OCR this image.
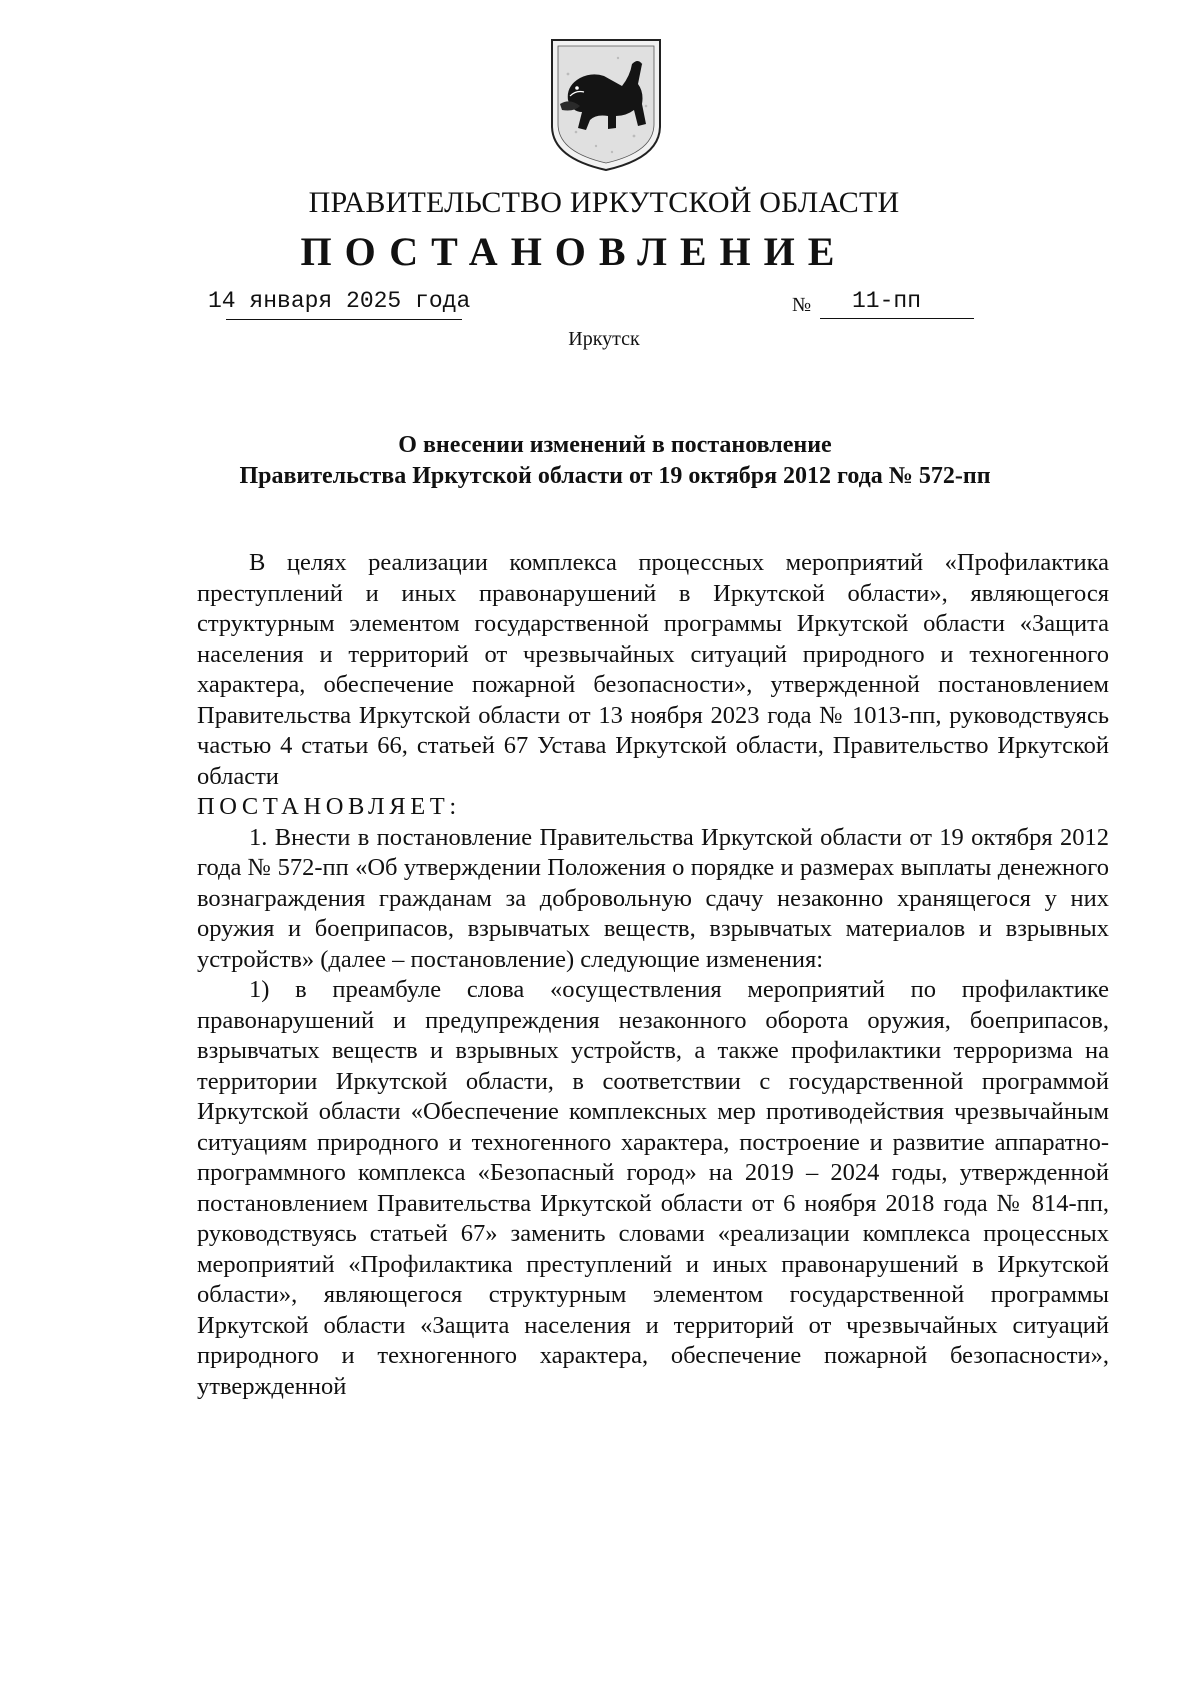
ПРАВИТЕЛЬСТВО ИРКУТСКОЙ ОБЛАСТИ
ПОСТАНОВЛЕНИЕ
14 января 2025 года	№	11-пп
Иркутск
О внесении изменений в постановление
Правительства Иркутской области от 19 октября 2012 года № 572-пп

В целях реализации комплекса процессных мероприятий «Профилактика преступлений и иных правонарушений в Иркутской области», являющегося структурным элементом государственной программы Иркутской области «Защита населения и территорий от чрезвычайных ситуаций природного и техногенного характера, обеспечение пожарной безопасности», утвержденной постановлением Правительства Иркутской области от 13 ноября 2023 года № 1013-пп, руководствуясь частью 4 статьи 66, статьей 67 Устава Иркутской области, Правительство Иркутской области

ПОСТАНОВЛЯЕТ:

1. Внести в постановление Правительства Иркутской области от 19 октября 2012 года № 572-пп «Об утверждении Положения о порядке и размерах выплаты денежного вознаграждения гражданам за добровольную сдачу незаконно хранящегося у них оружия и боеприпасов, взрывчатых веществ, взрывчатых материалов и взрывных устройств» (далее – постановление) следующие изменения:

1) в преамбуле слова «осуществления мероприятий по профилактике правонарушений и предупреждения незаконного оборота оружия, боеприпасов, взрывчатых веществ и взрывных устройств, а также профилактики терроризма на территории Иркутской области, в соответствии с государственной программой Иркутской области «Обеспечение комплексных мер противодействия чрезвычайным ситуациям природного и техногенного характера, построение и развитие аппаратно-программного комплекса «Безопасный город» на 2019 – 2024 годы, утвержденной постановлением Правительства Иркутской области от 6 ноября 2018 года № 814-пп, руководствуясь статьей 67» заменить словами «реализации комплекса процессных мероприятий «Профилактика преступлений и иных правонарушений в Иркутской области», являющегося структурным элементом государственной программы Иркутской области «Защита населения и территорий от чрезвычайных ситуаций природного и техногенного характера, обеспечение пожарной безопасности», утвержденной
